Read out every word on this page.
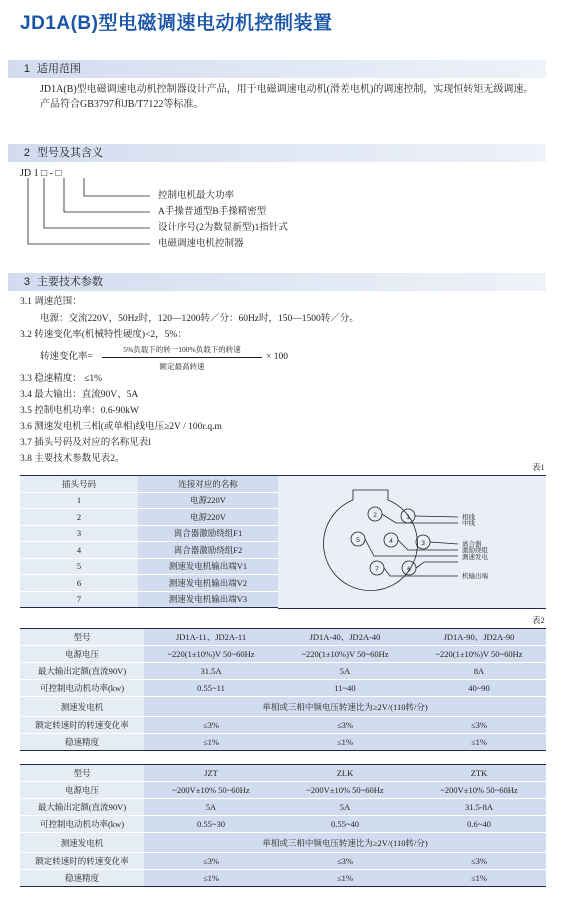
JD1A(B)型电磁调速电动机控制装置
1 适用范围
JD1A(B)型电磁调速电动机控制器设计产品，用于电磁调速电动机(滑差电机)的调速控制，实现恒转矩无级调速。
产品符合GB3797和JB/T7122等标准。
2 型号及其含义
JD 1 □ - □
控制电机最大功率
A手操普通型B手操精密型
设计序号(2为数显新型)1指针式
电磁调速电机控制器
3 主要技术参数
3.1 调速范围：
电源：交流220V，50Hz时，120—1200转／分：60Hz时，150—1500转／分。
3.2 转速变化率(机械特性硬度)<2，5%：
转速变化率=
5%负载下的转一100%负载下的转速
额定最高转速
× 100
3.3 稳速精度： ≤1%
3.4 最大输出：直流90V、5A
3.5 控制电机功率：0.6-90kW
3.6 测速发电机三相(或单相)线电压≥2V / 100r.q.m
3.7 插头号码及对应的名称见表l
3.8 主要技术参数见表2。
表1
插头号码	连接对应的名称
1	电源220V
2	电源220V
3	离合器激励绕组F1
4	离合器激励绕组F2
5	测速发电机输出端V1
6	测速发电机输出端V2
7	测速发电机输出端V3
2	1
5	4	3
7	6
相线
中线
离合器
激励绕组
测速发电
机输出端
表2
型号	JD1A-11、JD2A-11	JD1A-40、JD2A-40	JD1A-90、JD2A-90
电源电压	~220(1±10%)V 50~60Hz	~220(1±10%)V 50~60Hz	~220(1±10%)V 50~60Hz
最大输出定额(直流90V)	31.5A	5A	8A
可控制电动机功率(kw)	0.55~11	11~40	40~90
测速发电机	单相或三相中频电压转速比为≥2V/(110转/分)		
额定转速时的转速变化率	≤3%	≤3%	≤3%
稳速精度	≤1%	≤1%	≤1%
型号	JZT	ZLK	ZTK
电源电压	~200V±10% 50~60Hz	~200V±10% 50~60Hz	~200V±10% 50~60Hz
最大输出定额(直流90V)	5A	5A	31.5-8A
可控制电动机功率(kw)	0.55~30	0.55~40	0.6~40
测速发电机	单相或三相中频电压转速比为≥2V/(110转/分)		
额定转速时的转速变化率	≤3%	≤3%	≤3%
稳速精度	≤1%	≤1%	≤1%
